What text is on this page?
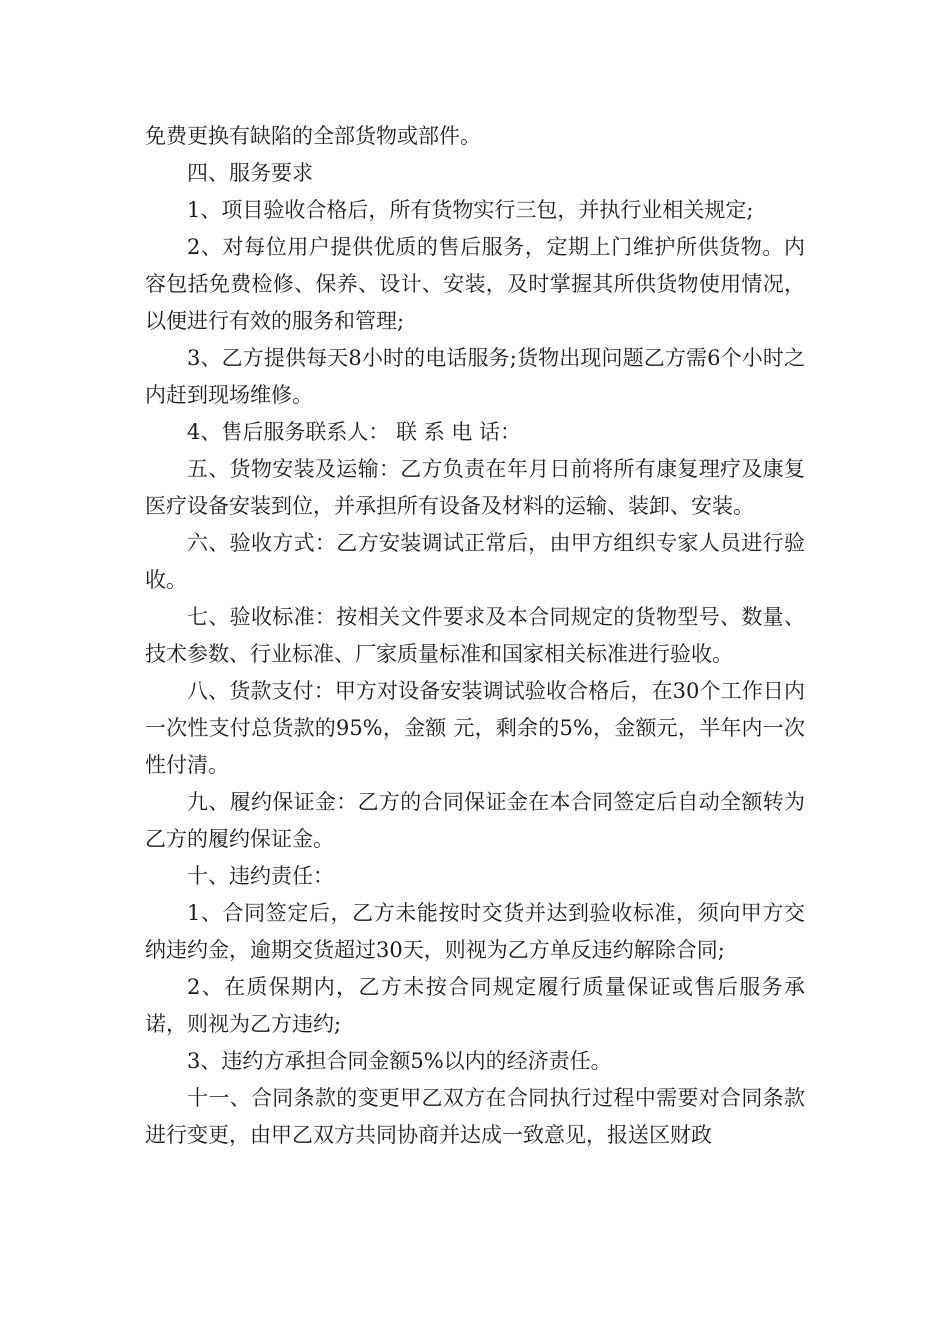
免费更换有缺陷的全部货物或部件。

四、服务要求

1、项目验收合格后，所有货物实行三包，并执行业相关规定;

2、对每位用户提供优质的售后服务，定期上门维护所供货物。内容包括免费检修、保养、设计、安装，及时掌握其所供货物使用情况，以便进行有效的服务和管理;

3、乙方提供每天8小时的电话服务;货物出现问题乙方需6个小时之内赶到现场维修。

4、售后服务联系人： 联 系 电 话：

五、货物安装及运输：乙方负责在年月日前将所有康复理疗及康复医疗设备安装到位，并承担所有设备及材料的运输、装卸、安装。

六、验收方式：乙方安装调试正常后，由甲方组织专家人员进行验收。

七、验收标准：按相关文件要求及本合同规定的货物型号、数量、技术参数、行业标准、厂家质量标准和国家相关标准进行验收。

八、货款支付：甲方对设备安装调试验收合格后，在30个工作日内一次性支付总货款的95%，金额 元，剩余的5%，金额元，半年内一次性付清。

九、履约保证金：乙方的合同保证金在本合同签定后自动全额转为乙方的履约保证金。

十、违约责任：

1、合同签定后，乙方未能按时交货并达到验收标准，须向甲方交纳违约金，逾期交货超过30天，则视为乙方单反违约解除合同;

2、在质保期内，乙方未按合同规定履行质量保证或售后服务承诺，则视为乙方违约;

3、违约方承担合同金额5%以内的经济责任。

十一、合同条款的变更甲乙双方在合同执行过程中需要对合同条款进行变更，由甲乙双方共同协商并达成一致意见，报送区财政
